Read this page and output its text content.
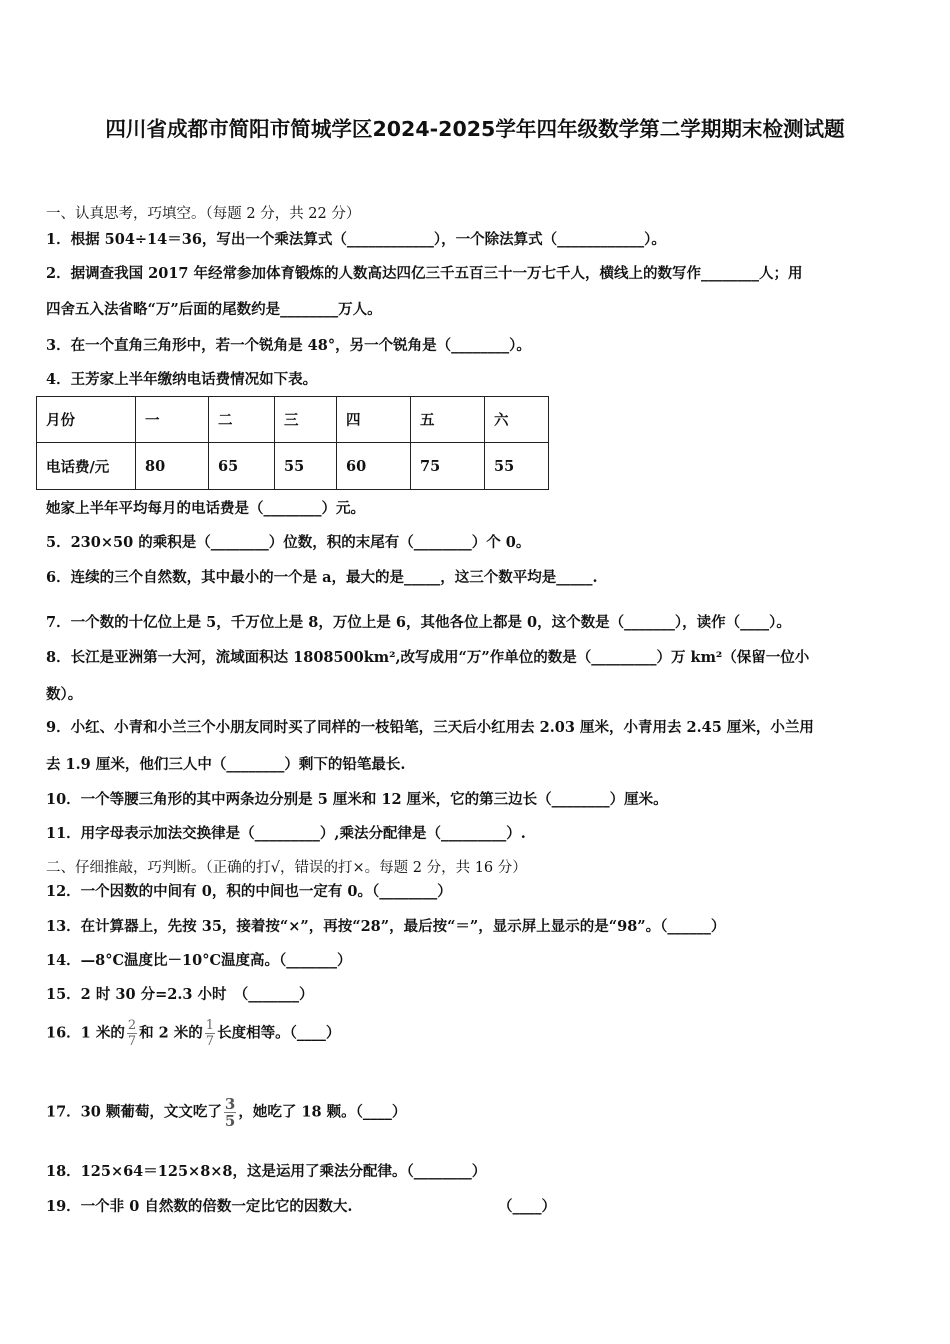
四川省成都市简阳市简城学区2024-2025学年四年级数学第二学期期末检测试题
一、认真思考，巧填空。（每题 2 分，共 22 分）
1．根据 504÷14＝36，写出一个乘法算式（____________），一个除法算式（____________）。
2．据调查我国 2017 年经常参加体育锻炼的人数高达四亿三千五百三十一万七千人，横线上的数写作________人；用
四舍五入法省略“万”后面的尾数约是________万人。
3．在一个直角三角形中，若一个锐角是 48°，另一个锐角是（________）。
4．王芳家上半年缴纳电话费情况如下表。
月份	一	二	三	四	五	六
电话费/元	80	65	55	60	75	55
她家上半年平均每月的电话费是（________）元。
5．230×50 的乘积是（________）位数，积的末尾有（________）个 0。
6．连续的三个自然数，其中最小的一个是 a，最大的是_____，这三个数平均是_____.
7．一个数的十亿位上是 5，千万位上是 8，万位上是 6，其他各位上都是 0，这个数是（_______），读作（____）。
8．长江是亚洲第一大河，流域面积达 1808500km²,改写成用“万”作单位的数是（_________）万 km²（保留一位小
数）。
9．小红、小青和小兰三个小朋友同时买了同样的一枝铅笔，三天后小红用去 2.03 厘米，小青用去 2.45 厘米，小兰用
去 1.9 厘米，他们三人中（________）剩下的铅笔最长.
10．一个等腰三角形的其中两条边分别是 5 厘米和 12 厘米，它的第三边长（________）厘米。
11．用字母表示加法交换律是（_________）,乘法分配律是（_________）.
二、仔细推敲，巧判断。（正确的打√，错误的打×。每题 2 分，共 16 分）
12．一个因数的中间有 0，积的中间也一定有 0。（________）
13．在计算器上，先按 35，接着按“×”，再按“28”，最后按“＝”，显示屏上显示的是“98”。（______）
14．—8°C温度比－10°C温度高。（_______）
15．2 时 30 分=2.3 小时　（_______）
16．1 米的 $\frac{2}{7}$ 和 2 米的 $\frac{1}{7}$ 长度相等。（____）
17．30 颗葡萄，文文吃了 $\frac{3}{5}$ ，她吃了 18 颗。（____）
18．125×64＝125×8×8，这是运用了乘法分配律。（________）
19．一个非 0 自然数的倍数一定比它的因数大.	（____）
